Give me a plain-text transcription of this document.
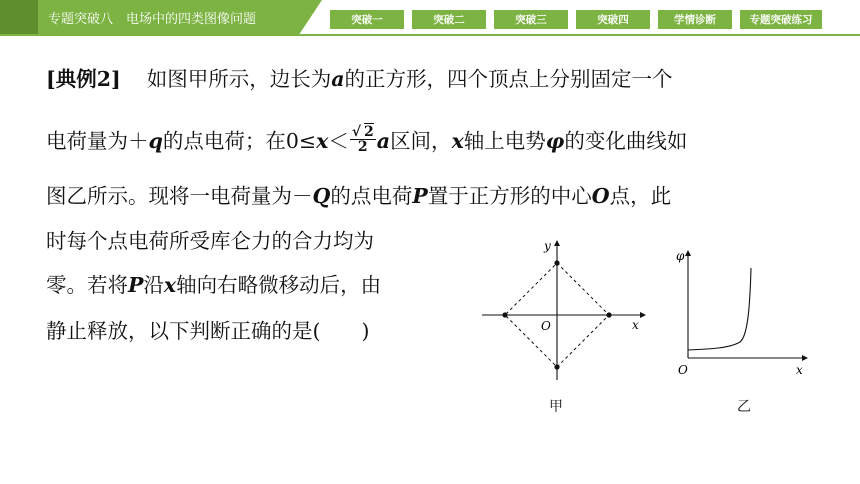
专题突破八　电场中的四类图像问题	突破一	突破二	突破三	突破四	学情诊断	专题突破练习
[典例2] 如图甲所示，边长为a的正方形，四个顶点上分别固定一个
电荷量为＋q的点电荷；在$0\le x< \frac{√ 2}{2}$ a区间，x轴上电势φ的变化曲线如
图乙所示。现将一电荷量为－Q的点电荷P置于正方形的中心O点，此
时每个点电荷所受库仑力的合力均为
零。若将P沿x轴向右略微移动后，由
静止释放，以下判断正确的是(　　)
y
x
O
甲
φ
x
O
乙
